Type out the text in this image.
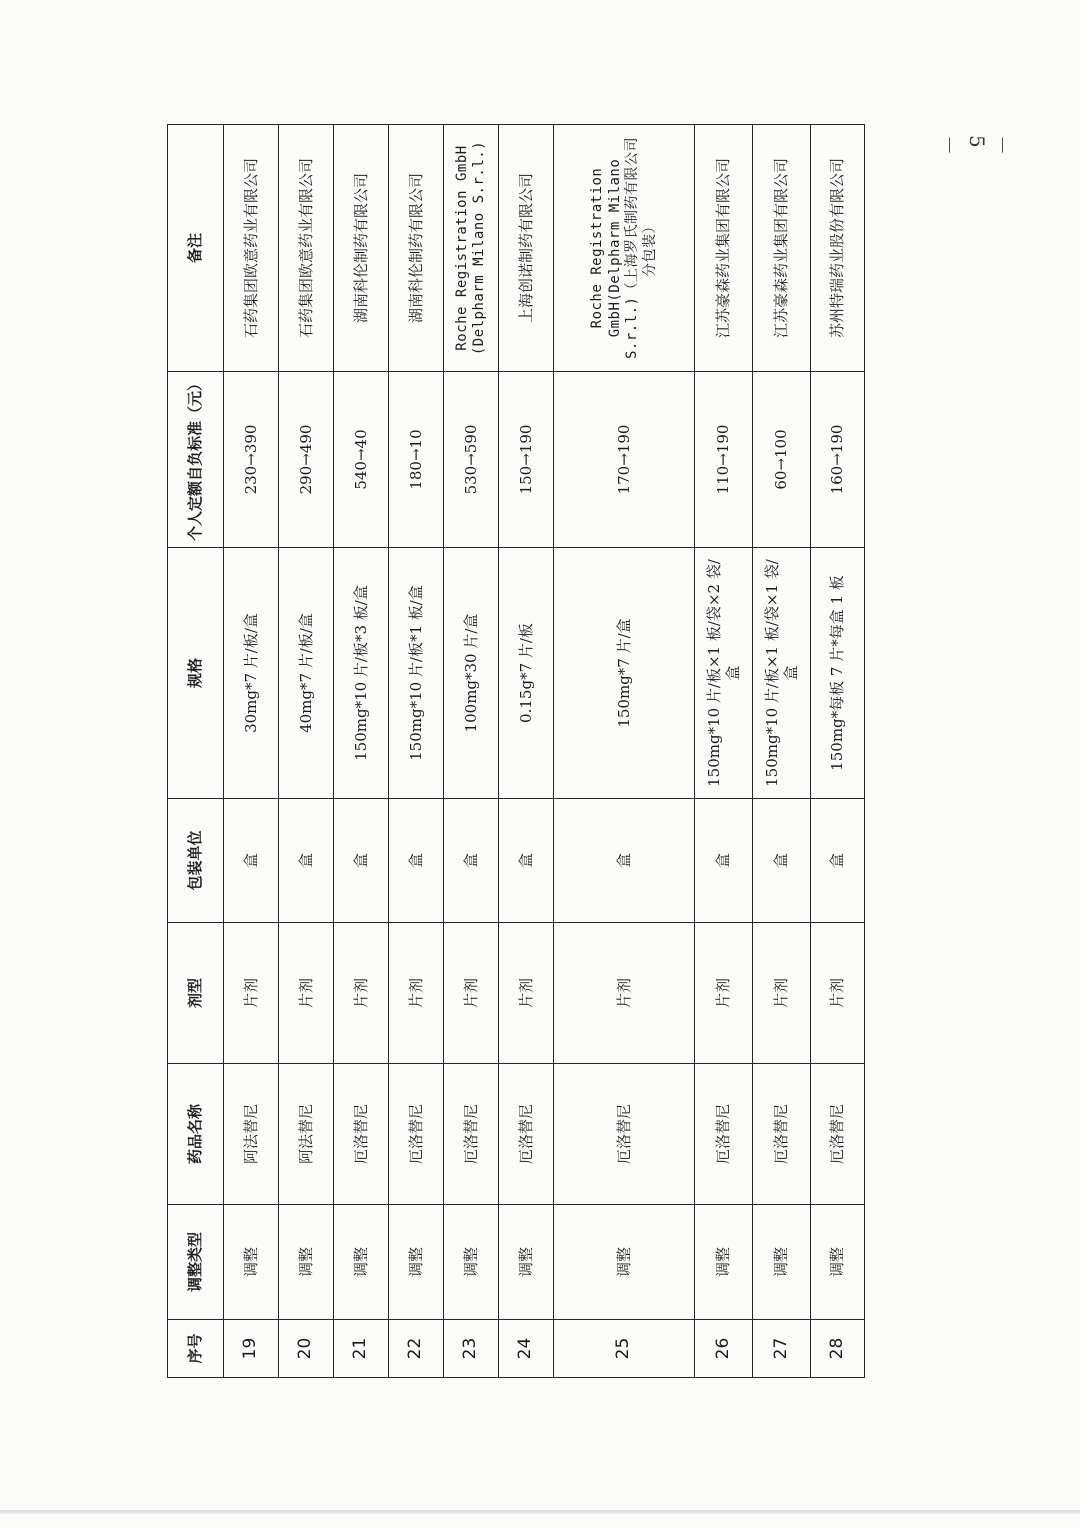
－ 5 －
序号	调整类型	药品名称	剂型	包装单位	规格	个人定额自负标准（元）	备注
19	调整	阿法替尼	片剂	盒	30mg*7 片/板/盒	230→390	石药集团欧意药业有限公司
20	调整	阿法替尼	片剂	盒	40mg*7 片/板/盒	290→490	石药集团欧意药业有限公司
21	调整	厄洛替尼	片剂	盒	150mg*10 片/板*3 板/盒	540→40	湖南科伦制药有限公司
22	调整	厄洛替尼	片剂	盒	150mg*10 片/板*1 板/盒	180→10	湖南科伦制药有限公司
23	调整	厄洛替尼	片剂	盒	100mg*30 片/盒	530→590	Roche Registration GmbH (Delpharm Milano S.r.l.)
24	调整	厄洛替尼	片剂	盒	0.15g*7 片/板	150→190	上海创诺制药有限公司
25	调整	厄洛替尼	片剂	盒	150mg*7 片/盒	170→190	Roche Registration GmbH(Delpharm Milano S.r.l.)（上海罗氏制药有限公司分包装）
26	调整	厄洛替尼	片剂	盒	150mg*10 片/板×1 板/袋×2 袋/盒	110→190	江苏豪森药业集团有限公司
27	调整	厄洛替尼	片剂	盒	150mg*10 片/板×1 板/袋×1 袋/盒	60→100	江苏豪森药业集团有限公司
28	调整	厄洛替尼	片剂	盒	150mg*每板 7 片*每盒 1 板	160→190	苏州特瑞药业股份有限公司
